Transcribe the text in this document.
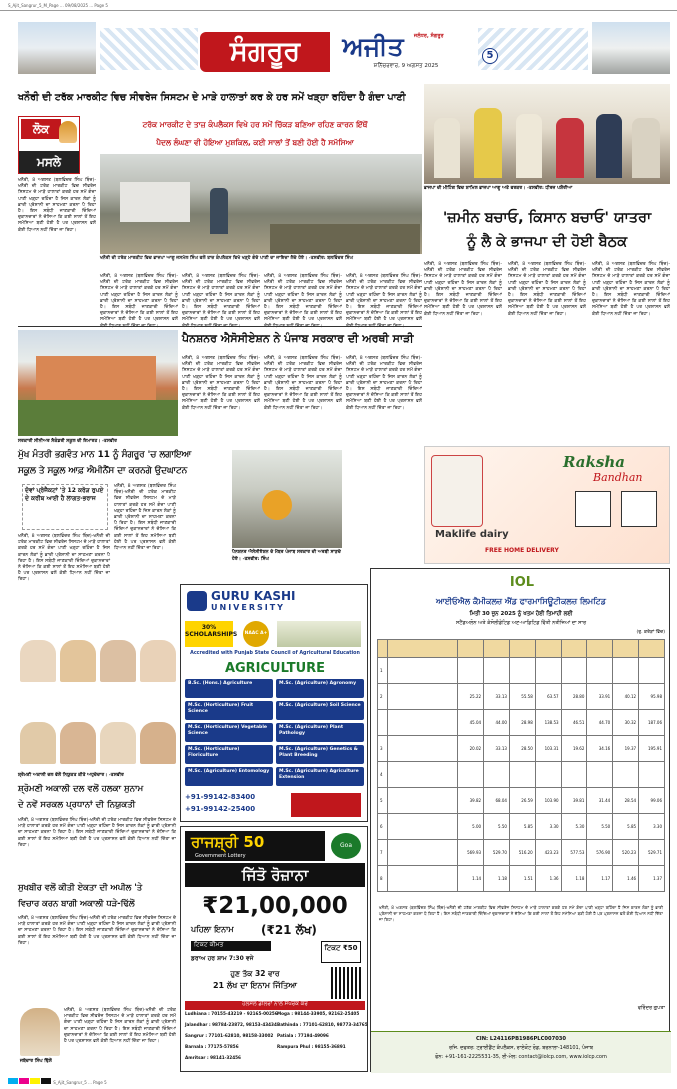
S_Ajit_Sangrur_5_M_Page ... 09/08/2025 ... Page 5
ਸੰਗਰੂਰ	ਅਜੀਤ	ਜਲੰਧਰ, ਸੰਗਰੂਰ
ਸ਼ਨਿੱਚਰਵਾਰ, 9 ਅਗਸਤ 2025
5
ਖਨੌਰੀ ਦੀ ਟਰੱਕ ਮਾਰਕੀਟ ਵਿਚ ਸੀਵਰੇਜ ਸਿਸਟਮ ਦੇ ਮਾੜੇ ਹਾਲਾਤਾਂ ਕਰ ਕੇ ਹਰ ਸਮੇਂ ਖੜ੍ਹਾ ਰਹਿੰਦਾ ਹੈ ਗੰਦਾ ਪਾਣੀ
ਲੋਕ
ਮਸਲੇ
ਟਰੱਕ ਮਾਰਕੀਟ ਦੇ ਤਾਜ਼ ਕੰਪਲੈਕਸ ਵਿਖੇ ਹਰ ਸਮੇਂ ਚਿੱਕੜ ਬਣਿਆ ਰਹਿਣ ਕਾਰਨ ਇੱਥੋਂ
ਪੈਦਲ ਲੰਘਣਾ ਵੀ ਹੋਇਆ ਮੁਸ਼ਕਿਲ, ਕਈ ਸਾਲਾਂ ਤੋਂ ਬਣੀ ਹੋਈ ਹੈ ਸਮੱਸਿਆ
ਖਨੌਰੀ, 8 ਅਗਸਤ (ਬਲਵਿੰਦਰ ਸਿੰਘ ਥਿੰਦ)-ਖਨੌਰੀ ਦੀ ਟਰੱਕ ਮਾਰਕੀਟ ਵਿਚ ਸੀਵਰੇਜ ਸਿਸਟਮ ਦੇ ਮਾੜੇ ਹਾਲਾਤਾਂ ਕਰਕੇ ਹਰ ਸਮੇਂ ਗੰਦਾ ਪਾਣੀ ਖੜ੍ਹਾ ਰਹਿੰਦਾ ਹੈ ਜਿਸ ਕਾਰਨ ਲੋਕਾਂ ਨੂੰ ਭਾਰੀ ਪ੍ਰੇਸ਼ਾਨੀ ਦਾ ਸਾਹਮਣਾ ਕਰਨਾ ਪੈ ਰਿਹਾ ਹੈ। ਇਸ ਸਬੰਧੀ ਜਾਣਕਾਰੀ ਦਿੰਦਿਆਂ ਦੁਕਾਨਦਾਰਾਂ ਨੇ ਦੱਸਿਆ ਕਿ ਕਈ ਸਾਲਾਂ ਤੋਂ ਇਹ ਸਮੱਸਿਆ ਬਣੀ ਹੋਈ ਹੈ ਪਰ ਪ੍ਰਸ਼ਾਸਨ ਵਲੋਂ ਕੋਈ ਧਿਆਨ ਨਹੀਂ ਦਿੱਤਾ ਜਾ ਰਿਹਾ।
ਖਨੌਰੀ ਦੀ ਟਰੱਕ ਮਾਰਕੀਟ ਵਿਚ ਭਾਜਪਾ ਆਗੂ ਜਸਮੇਲ ਸਿੰਘ ਵਲੋਂ ਤਾਜ਼ ਕੰਪਲੈਕਸ ਵਿਖੇ ਖੜ੍ਹੇ ਗੰਦੇ ਪਾਣੀ ਦਾ ਜਾਇਜ਼ਾ ਲੈਂਦੇ ਹੋਏ। -ਤਸਵੀਰ: ਬਲਵਿੰਦਰ ਸਿੰਘ
ਖਨੌਰੀ, 8 ਅਗਸਤ (ਬਲਵਿੰਦਰ ਸਿੰਘ ਥਿੰਦ)-ਖਨੌਰੀ ਦੀ ਟਰੱਕ ਮਾਰਕੀਟ ਵਿਚ ਸੀਵਰੇਜ ਸਿਸਟਮ ਦੇ ਮਾੜੇ ਹਾਲਾਤਾਂ ਕਰਕੇ ਹਰ ਸਮੇਂ ਗੰਦਾ ਪਾਣੀ ਖੜ੍ਹਾ ਰਹਿੰਦਾ ਹੈ ਜਿਸ ਕਾਰਨ ਲੋਕਾਂ ਨੂੰ ਭਾਰੀ ਪ੍ਰੇਸ਼ਾਨੀ ਦਾ ਸਾਹਮਣਾ ਕਰਨਾ ਪੈ ਰਿਹਾ ਹੈ। ਇਸ ਸਬੰਧੀ ਜਾਣਕਾਰੀ ਦਿੰਦਿਆਂ ਦੁਕਾਨਦਾਰਾਂ ਨੇ ਦੱਸਿਆ ਕਿ ਕਈ ਸਾਲਾਂ ਤੋਂ ਇਹ ਸਮੱਸਿਆ ਬਣੀ ਹੋਈ ਹੈ ਪਰ ਪ੍ਰਸ਼ਾਸਨ ਵਲੋਂ
ਖਨੌਰੀ, 8 ਅਗਸਤ (ਬਲਵਿੰਦਰ ਸਿੰਘ ਥਿੰਦ)-ਖਨੌਰੀ ਦੀ ਟਰੱਕ ਮਾਰਕੀਟ ਵਿਚ ਸੀਵਰੇਜ ਸਿਸਟਮ ਦੇ ਮਾੜੇ ਹਾਲਾਤਾਂ ਕਰਕੇ ਹਰ ਸਮੇਂ ਗੰਦਾ ਪਾਣੀ ਖੜ੍ਹਾ ਰਹਿੰਦਾ ਹੈ ਜਿਸ ਕਾਰਨ ਲੋਕਾਂ ਨੂੰ ਭਾਰੀ ਪ੍ਰੇਸ਼ਾਨੀ ਦਾ ਸਾਹਮਣਾ ਕਰਨਾ ਪੈ ਰਿਹਾ ਹੈ। ਇਸ ਸਬੰਧੀ ਜਾਣਕਾਰੀ ਦਿੰਦਿਆਂ ਦੁਕਾਨਦਾਰਾਂ ਨੇ ਦੱਸਿਆ ਕਿ ਕਈ ਸਾਲਾਂ ਤੋਂ ਇਹ ਸਮੱਸਿਆ ਬਣੀ ਹੋਈ ਹੈ ਪਰ ਪ੍ਰਸ਼ਾਸਨ ਵਲੋਂ
ਖਨੌਰੀ, 8 ਅਗਸਤ (ਬਲਵਿੰਦਰ ਸਿੰਘ ਥਿੰਦ)-ਖਨੌਰੀ ਦੀ ਟਰੱਕ ਮਾਰਕੀਟ ਵਿਚ ਸੀਵਰੇਜ ਸਿਸਟਮ ਦੇ ਮਾੜੇ ਹਾਲਾਤਾਂ ਕਰਕੇ ਹਰ ਸਮੇਂ ਗੰਦਾ ਪਾਣੀ ਖੜ੍ਹਾ ਰਹਿੰਦਾ ਹੈ ਜਿਸ ਕਾਰਨ ਲੋਕਾਂ ਨੂੰ ਭਾਰੀ ਪ੍ਰੇਸ਼ਾਨੀ ਦਾ ਸਾਹਮਣਾ ਕਰਨਾ ਪੈ ਰਿਹਾ ਹੈ। ਇਸ ਸਬੰਧੀ ਜਾਣਕਾਰੀ ਦਿੰਦਿਆਂ ਦੁਕਾਨਦਾਰਾਂ ਨੇ ਦੱਸਿਆ ਕਿ ਕਈ ਸਾਲਾਂ ਤੋਂ ਇਹ ਸਮੱਸਿਆ ਬਣੀ ਹੋਈ ਹੈ ਪਰ ਪ੍ਰਸ਼ਾਸਨ ਵਲੋਂ
ਖਨੌਰੀ, 8 ਅਗਸਤ (ਬਲਵਿੰਦਰ ਸਿੰਘ ਥਿੰਦ)-ਖਨੌਰੀ ਦੀ ਟਰੱਕ ਮਾਰਕੀਟ ਵਿਚ ਸੀਵਰੇਜ ਸਿਸਟਮ ਦੇ ਮਾੜੇ ਹਾਲਾਤਾਂ ਕਰਕੇ ਹਰ ਸਮੇਂ ਗੰਦਾ ਪਾਣੀ ਖੜ੍ਹਾ ਰਹਿੰਦਾ ਹੈ ਜਿਸ ਕਾਰਨ ਲੋਕਾਂ ਨੂੰ ਭਾਰੀ ਪ੍ਰੇਸ਼ਾਨੀ ਦਾ ਸਾਹਮਣਾ ਕਰਨਾ ਪੈ ਰਿਹਾ ਹੈ। ਇਸ ਸਬੰਧੀ ਜਾਣਕਾਰੀ ਦਿੰਦਿਆਂ ਦੁਕਾਨਦਾਰਾਂ ਨੇ ਦੱਸਿਆ ਕਿ ਕਈ ਸਾਲਾਂ ਤੋਂ ਇਹ ਸਮੱਸਿਆ ਬਣੀ ਹੋਈ ਹੈ ਪਰ ਪ੍ਰਸ਼ਾਸਨ ਵਲੋਂ
ਭਾਜਪਾ ਦੀ ਮੀਟਿੰਗ ਵਿਚ ਸ਼ਾਮਿਲ ਭਾਜਪਾ ਆਗੂ ਅਤੇ ਵਰਕਰ। -ਤਸਵੀਰ: ਧੀਰਜ ਪਸ਼ੌਰੀਆ
'ਜ਼ਮੀਨ ਬਚਾਓ, ਕਿਸਾਨ ਬਚਾਓ' ਯਾਤਰਾ
ਨੂੰ ਲੈ ਕੇ ਭਾਜਪਾ ਦੀ ਹੋਈ ਬੈਠਕ
ਖਨੌਰੀ, 8 ਅਗਸਤ (ਬਲਵਿੰਦਰ ਸਿੰਘ ਥਿੰਦ)-ਖਨੌਰੀ ਦੀ ਟਰੱਕ ਮਾਰਕੀਟ ਵਿਚ ਸੀਵਰੇਜ ਸਿਸਟਮ ਦੇ ਮਾੜੇ ਹਾਲਾਤਾਂ ਕਰਕੇ ਹਰ ਸਮੇਂ ਗੰਦਾ ਪਾਣੀ ਖੜ੍ਹਾ ਰਹਿੰਦਾ ਹੈ ਜਿਸ ਕਾਰਨ ਲੋਕਾਂ ਨੂੰ ਭਾਰੀ ਪ੍ਰੇਸ਼ਾਨੀ ਦਾ ਸਾਹਮਣਾ ਕਰਨਾ ਪੈ ਰਿਹਾ ਹੈ। ਇਸ ਸਬੰਧੀ ਜਾਣਕਾਰੀ ਦਿੰਦਿਆਂ ਦੁਕਾਨਦਾਰਾਂ ਨੇ ਦੱਸਿਆ ਕਿ ਕਈ ਸਾਲਾਂ ਤੋਂ ਇਹ ਸਮੱਸਿਆ ਬਣੀ ਹੋਈ ਹੈ ਪਰ ਪ੍ਰਸ਼ਾਸਨ ਵਲੋਂ ਕੋਈ ਧਿਆਨ ਨਹੀਂ ਦਿੱਤਾ ਜਾ ਰਿਹਾ।
ਖਨੌਰੀ, 8 ਅਗਸਤ (ਬਲਵਿੰਦਰ ਸਿੰਘ ਥਿੰਦ)-ਖਨੌਰੀ ਦੀ ਟਰੱਕ ਮਾਰਕੀਟ ਵਿਚ ਸੀਵਰੇਜ ਸਿਸਟਮ ਦੇ ਮਾੜੇ ਹਾਲਾਤਾਂ ਕਰਕੇ ਹਰ ਸਮੇਂ ਗੰਦਾ ਪਾਣੀ ਖੜ੍ਹਾ ਰਹਿੰਦਾ ਹੈ ਜਿਸ ਕਾਰਨ ਲੋਕਾਂ ਨੂੰ ਭਾਰੀ ਪ੍ਰੇਸ਼ਾਨੀ ਦਾ ਸਾਹਮਣਾ ਕਰਨਾ ਪੈ ਰਿਹਾ ਹੈ। ਇਸ ਸਬੰਧੀ ਜਾਣਕਾਰੀ ਦਿੰਦਿਆਂ ਦੁਕਾਨਦਾਰਾਂ ਨੇ ਦੱਸਿਆ ਕਿ ਕਈ ਸਾਲਾਂ ਤੋਂ ਇਹ ਸਮੱਸਿਆ ਬਣੀ ਹੋਈ ਹੈ ਪਰ ਪ੍ਰਸ਼ਾਸਨ ਵਲੋਂ ਕੋਈ ਧਿਆਨ ਨਹੀਂ ਦਿੱਤਾ ਜਾ ਰਿਹਾ।
ਖਨੌਰੀ, 8 ਅਗਸਤ (ਬਲਵਿੰਦਰ ਸਿੰਘ ਥਿੰਦ)-ਖਨੌਰੀ ਦੀ ਟਰੱਕ ਮਾਰਕੀਟ ਵਿਚ ਸੀਵਰੇਜ ਸਿਸਟਮ ਦੇ ਮਾੜੇ ਹਾਲਾਤਾਂ ਕਰਕੇ ਹਰ ਸਮੇਂ ਗੰਦਾ ਪਾਣੀ ਖੜ੍ਹਾ ਰਹਿੰਦਾ ਹੈ ਜਿਸ ਕਾਰਨ ਲੋਕਾਂ ਨੂੰ ਭਾਰੀ ਪ੍ਰੇਸ਼ਾਨੀ ਦਾ ਸਾਹਮਣਾ ਕਰਨਾ ਪੈ ਰਿਹਾ ਹੈ। ਇਸ ਸਬੰਧੀ ਜਾਣਕਾਰੀ ਦਿੰਦਿਆਂ ਦੁਕਾਨਦਾਰਾਂ ਨੇ ਦੱਸਿਆ ਕਿ ਕਈ ਸਾਲਾਂ ਤੋਂ ਇਹ ਸਮੱਸਿਆ ਬਣੀ ਹੋਈ ਹੈ ਪਰ ਪ੍ਰਸ਼ਾਸਨ ਵਲੋਂ ਕੋਈ ਧਿਆਨ ਨਹੀਂ ਦਿੱਤਾ ਜਾ ਰਿਹਾ।
ਸਰਕਾਰੀ ਸੀਨੀਅਰ ਸੈਕੰਡਰੀ ਸਕੂਲ ਦੀ ਇਮਾਰਤ। -ਤਸਵੀਰ
ਮੁੱਖ ਮੰਤਰੀ ਭਗਵੰਤ ਮਾਨ 11 ਨੂੰ ਸੰਗਰੂਰ 'ਚ ਲਗਾਇਆ
ਸਕੂਲ ਤੇ ਸਕੂਲ ਆਫ਼ ਐਮੀਨੈਂਸ ਦਾ ਕਰਨਗੇ ਉਦਘਾਟਨ
ਦੋਵਾਂ ਪ੍ਰੋਜੈਕਟਾਂ 'ਤੇ 12 ਕਰੋੜ ਰੁਪਏ ਦੇ ਕਰੀਬ ਆਈ ਹੈ ਲਾਗਤ-ਭਰਾਜ
ਖਨੌਰੀ, 8 ਅਗਸਤ (ਬਲਵਿੰਦਰ ਸਿੰਘ ਥਿੰਦ)-ਖਨੌਰੀ ਦੀ ਟਰੱਕ ਮਾਰਕੀਟ ਵਿਚ ਸੀਵਰੇਜ ਸਿਸਟਮ ਦੇ ਮਾੜੇ ਹਾਲਾਤਾਂ ਕਰਕੇ ਹਰ ਸਮੇਂ ਗੰਦਾ ਪਾਣੀ ਖੜ੍ਹਾ ਰਹਿੰਦਾ ਹੈ ਜਿਸ ਕਾਰਨ ਲੋਕਾਂ ਨੂੰ ਭਾਰੀ ਪ੍ਰੇਸ਼ਾਨੀ ਦਾ ਸਾਹਮਣਾ ਕਰਨਾ ਪੈ ਰਿਹਾ ਹੈ। ਇਸ ਸਬੰਧੀ ਜਾਣਕਾਰੀ ਦਿੰਦਿਆਂ ਦੁਕਾਨਦਾਰਾਂ ਨੇ ਦੱਸਿਆ ਕਿ ਕਈ ਸਾਲਾਂ ਤੋਂ ਇਹ ਸਮੱਸਿਆ ਬਣੀ ਹੋਈ ਹੈ ਪਰ ਪ੍ਰਸ਼ਾਸਨ ਵਲੋਂ ਕੋਈ ਧਿਆਨ ਨਹੀਂ ਦਿੱਤਾ ਜਾ ਰਿਹਾ।
ਖਨੌਰੀ, 8 ਅਗਸਤ (ਬਲਵਿੰਦਰ ਸਿੰਘ ਥਿੰਦ)-ਖਨੌਰੀ ਦੀ ਟਰੱਕ ਮਾਰਕੀਟ ਵਿਚ ਸੀਵਰੇਜ ਸਿਸਟਮ ਦੇ ਮਾੜੇ ਹਾਲਾਤਾਂ ਕਰਕੇ ਹਰ ਸਮੇਂ ਗੰਦਾ ਪਾਣੀ ਖੜ੍ਹਾ ਰਹਿੰਦਾ ਹੈ ਜਿਸ ਕਾਰਨ ਲੋਕਾਂ ਨੂੰ ਭਾਰੀ ਪ੍ਰੇਸ਼ਾਨੀ ਦਾ ਸਾਹਮਣਾ ਕਰਨਾ ਪੈ ਰਿਹਾ ਹੈ। ਇਸ ਸਬੰਧੀ ਜਾਣਕਾਰੀ ਦਿੰਦਿਆਂ ਦੁਕਾਨਦਾਰਾਂ ਨੇ ਦੱਸਿਆ ਕਿ ਕਈ ਸਾਲਾਂ ਤੋਂ ਇਹ ਸਮੱਸਿਆ ਬਣੀ ਹੋਈ ਹੈ ਪਰ ਪ੍ਰਸ਼ਾਸਨ ਵਲੋਂ ਕੋਈ ਧਿਆਨ ਨਹੀਂ ਦਿੱਤਾ ਜਾ ਰਿਹਾ।
ਪੈਨਸ਼ਨਰ ਐਸੋਸੀਏਸ਼ਨ ਨੇ ਪੰਜਾਬ ਸਰਕਾਰ ਦੀ ਅਰਥੀ ਸਾੜੀ
ਖਨੌਰੀ, 8 ਅਗਸਤ (ਬਲਵਿੰਦਰ ਸਿੰਘ ਥਿੰਦ)-ਖਨੌਰੀ ਦੀ ਟਰੱਕ ਮਾਰਕੀਟ ਵਿਚ ਸੀਵਰੇਜ ਸਿਸਟਮ ਦੇ ਮਾੜੇ ਹਾਲਾਤਾਂ ਕਰਕੇ ਹਰ ਸਮੇਂ ਗੰਦਾ ਪਾਣੀ ਖੜ੍ਹਾ ਰਹਿੰਦਾ ਹੈ ਜਿਸ ਕਾਰਨ ਲੋਕਾਂ ਨੂੰ ਭਾਰੀ ਪ੍ਰੇਸ਼ਾਨੀ ਦਾ ਸਾਹਮਣਾ ਕਰਨਾ ਪੈ ਰਿਹਾ ਹੈ। ਇਸ ਸਬੰਧੀ ਜਾਣਕਾਰੀ ਦਿੰਦਿਆਂ ਦੁਕਾਨਦਾਰਾਂ ਨੇ ਦੱਸਿਆ ਕਿ ਕਈ ਸਾਲਾਂ ਤੋਂ ਇਹ ਸਮੱਸਿਆ ਬਣੀ ਹੋਈ ਹੈ ਪਰ ਪ੍ਰਸ਼ਾਸਨ ਵਲੋਂ ਕੋਈ ਧਿਆਨ ਨਹੀਂ ਦਿੱਤਾ ਜਾ ਰਿਹਾ।
ਖਨੌਰੀ, 8 ਅਗਸਤ (ਬਲਵਿੰਦਰ ਸਿੰਘ ਥਿੰਦ)-ਖਨੌਰੀ ਦੀ ਟਰੱਕ ਮਾਰਕੀਟ ਵਿਚ ਸੀਵਰੇਜ ਸਿਸਟਮ ਦੇ ਮਾੜੇ ਹਾਲਾਤਾਂ ਕਰਕੇ ਹਰ ਸਮੇਂ ਗੰਦਾ ਪਾਣੀ ਖੜ੍ਹਾ ਰਹਿੰਦਾ ਹੈ ਜਿਸ ਕਾਰਨ ਲੋਕਾਂ ਨੂੰ ਭਾਰੀ ਪ੍ਰੇਸ਼ਾਨੀ ਦਾ ਸਾਹਮਣਾ ਕਰਨਾ ਪੈ ਰਿਹਾ ਹੈ। ਇਸ ਸਬੰਧੀ ਜਾਣਕਾਰੀ ਦਿੰਦਿਆਂ ਦੁਕਾਨਦਾਰਾਂ ਨੇ ਦੱਸਿਆ ਕਿ ਕਈ ਸਾਲਾਂ ਤੋਂ ਇਹ ਸਮੱਸਿਆ ਬਣੀ ਹੋਈ ਹੈ ਪਰ ਪ੍ਰਸ਼ਾਸਨ ਵਲੋਂ ਕੋਈ ਧਿਆਨ ਨਹੀਂ ਦਿੱਤਾ ਜਾ ਰਿਹਾ।
ਖਨੌਰੀ, 8 ਅਗਸਤ (ਬਲਵਿੰਦਰ ਸਿੰਘ ਥਿੰਦ)-ਖਨੌਰੀ ਦੀ ਟਰੱਕ ਮਾਰਕੀਟ ਵਿਚ ਸੀਵਰੇਜ ਸਿਸਟਮ ਦੇ ਮਾੜੇ ਹਾਲਾਤਾਂ ਕਰਕੇ ਹਰ ਸਮੇਂ ਗੰਦਾ ਪਾਣੀ ਖੜ੍ਹਾ ਰਹਿੰਦਾ ਹੈ ਜਿਸ ਕਾਰਨ ਲੋਕਾਂ ਨੂੰ ਭਾਰੀ ਪ੍ਰੇਸ਼ਾਨੀ ਦਾ ਸਾਹਮਣਾ ਕਰਨਾ ਪੈ ਰਿਹਾ ਹੈ। ਇਸ ਸਬੰਧੀ ਜਾਣਕਾਰੀ ਦਿੰਦਿਆਂ ਦੁਕਾਨਦਾਰਾਂ ਨੇ ਦੱਸਿਆ ਕਿ ਕਈ ਸਾਲਾਂ ਤੋਂ ਇਹ ਸਮੱਸਿਆ ਬਣੀ ਹੋਈ ਹੈ ਪਰ ਪ੍ਰਸ਼ਾਸਨ ਵਲੋਂ ਕੋਈ ਧਿਆਨ ਨਹੀਂ ਦਿੱਤਾ ਜਾ ਰਿਹਾ।
ਪੈਨਸ਼ਨਰ ਐਸੋਸੀਏਸ਼ਨ ਦੇ ਮੈਂਬਰ ਪੰਜਾਬ ਸਰਕਾਰ ਦੀ ਅਰਥੀ ਸਾੜਦੇ ਹੋਏ। -ਤਸਵੀਰ: ਸਿੰਘ
Maklife dairy
Raksha
Bandhan
FREE HOME DELIVERY
ਸ਼੍ਰੋਮਣੀ ਅਕਾਲੀ ਦਲ ਵੱਲੋਂ ਨਿਯੁਕਤ ਕੀਤੇ ਅਹੁਦੇਦਾਰ। -ਤਸਵੀਰ
ਸ਼੍ਰੋਮਣੀ ਅਕਾਲੀ ਦਲ ਵਲੋਂ ਹਲਕਾ ਸੁਨਾਮ
ਦੇ ਨਵੇਂ ਸਰਕਲ ਪ੍ਰਧਾਨਾਂ ਦੀ ਨਿਯੁਕਤੀ
ਖਨੌਰੀ, 8 ਅਗਸਤ (ਬਲਵਿੰਦਰ ਸਿੰਘ ਥਿੰਦ)-ਖਨੌਰੀ ਦੀ ਟਰੱਕ ਮਾਰਕੀਟ ਵਿਚ ਸੀਵਰੇਜ ਸਿਸਟਮ ਦੇ ਮਾੜੇ ਹਾਲਾਤਾਂ ਕਰਕੇ ਹਰ ਸਮੇਂ ਗੰਦਾ ਪਾਣੀ ਖੜ੍ਹਾ ਰਹਿੰਦਾ ਹੈ ਜਿਸ ਕਾਰਨ ਲੋਕਾਂ ਨੂੰ ਭਾਰੀ ਪ੍ਰੇਸ਼ਾਨੀ ਦਾ ਸਾਹਮਣਾ ਕਰਨਾ ਪੈ ਰਿਹਾ ਹੈ। ਇਸ ਸਬੰਧੀ ਜਾਣਕਾਰੀ ਦਿੰਦਿਆਂ ਦੁਕਾਨਦਾਰਾਂ ਨੇ ਦੱਸਿਆ ਕਿ ਕਈ ਸਾਲਾਂ ਤੋਂ ਇਹ ਸਮੱਸਿਆ ਬਣੀ ਹੋਈ ਹੈ ਪਰ ਪ੍ਰਸ਼ਾਸਨ ਵਲੋਂ ਕੋਈ ਧਿਆਨ ਨਹੀਂ ਦਿੱਤਾ ਜਾ ਰਿਹਾ।
ਸੁਖਬੀਰ ਵਲੋਂ ਕੀਤੀ ਏਕਤਾ ਦੀ ਅਪੀਲ 'ਤੇ
ਵਿਚਾਰ ਕਰਨ ਬਾਗੀ ਅਕਾਲੀ ਧੜੇ-ਢਿੱਲੋਂ
ਖਨੌਰੀ, 8 ਅਗਸਤ (ਬਲਵਿੰਦਰ ਸਿੰਘ ਥਿੰਦ)-ਖਨੌਰੀ ਦੀ ਟਰੱਕ ਮਾਰਕੀਟ ਵਿਚ ਸੀਵਰੇਜ ਸਿਸਟਮ ਦੇ ਮਾੜੇ ਹਾਲਾਤਾਂ ਕਰਕੇ ਹਰ ਸਮੇਂ ਗੰਦਾ ਪਾਣੀ ਖੜ੍ਹਾ ਰਹਿੰਦਾ ਹੈ ਜਿਸ ਕਾਰਨ ਲੋਕਾਂ ਨੂੰ ਭਾਰੀ ਪ੍ਰੇਸ਼ਾਨੀ ਦਾ ਸਾਹਮਣਾ ਕਰਨਾ ਪੈ ਰਿਹਾ ਹੈ। ਇਸ ਸਬੰਧੀ ਜਾਣਕਾਰੀ ਦਿੰਦਿਆਂ ਦੁਕਾਨਦਾਰਾਂ ਨੇ ਦੱਸਿਆ ਕਿ ਕਈ ਸਾਲਾਂ ਤੋਂ ਇਹ ਸਮੱਸਿਆ ਬਣੀ ਹੋਈ ਹੈ ਪਰ ਪ੍ਰਸ਼ਾਸਨ ਵਲੋਂ ਕੋਈ ਧਿਆਨ ਨਹੀਂ ਦਿੱਤਾ ਜਾ ਰਿਹਾ।
ਜਥੇਦਾਰ ਸਿੰਘ ਢਿੱਲੋਂ
ਖਨੌਰੀ, 8 ਅਗਸਤ (ਬਲਵਿੰਦਰ ਸਿੰਘ ਥਿੰਦ)-ਖਨੌਰੀ ਦੀ ਟਰੱਕ ਮਾਰਕੀਟ ਵਿਚ ਸੀਵਰੇਜ ਸਿਸਟਮ ਦੇ ਮਾੜੇ ਹਾਲਾਤਾਂ ਕਰਕੇ ਹਰ ਸਮੇਂ ਗੰਦਾ ਪਾਣੀ ਖੜ੍ਹਾ ਰਹਿੰਦਾ ਹੈ ਜਿਸ ਕਾਰਨ ਲੋਕਾਂ ਨੂੰ ਭਾਰੀ ਪ੍ਰੇਸ਼ਾਨੀ ਦਾ ਸਾਹਮਣਾ ਕਰਨਾ ਪੈ ਰਿਹਾ ਹੈ। ਇਸ ਸਬੰਧੀ ਜਾਣਕਾਰੀ ਦਿੰਦਿਆਂ ਦੁਕਾਨਦਾਰਾਂ ਨੇ ਦੱਸਿਆ ਕਿ ਕਈ ਸਾਲਾਂ ਤੋਂ ਇਹ ਸਮੱਸਿਆ ਬਣੀ ਹੋਈ ਹੈ ਪਰ ਪ੍ਰਸ਼ਾਸਨ ਵਲੋਂ ਕੋਈ ਧਿਆਨ ਨਹੀਂ ਦਿੱਤਾ ਜਾ ਰਿਹਾ।
GURU KASHI
UNIVERSITY
30% SCHOLARSHIPS	NAAC A+
Accredited with Punjab State Council of Agricultural Education
AGRICULTURE
B.Sc. (Hons.) Agriculture	M.Sc. (Agriculture) Agronomy
M.Sc. (Horticulture) Fruit Science
M.Sc. (Agriculture) Soil Science
M.Sc. (Horticulture) Vegetable Science
M.Sc. (Agriculture) Plant Pathology
M.Sc. (Horticulture) Floriculture
M.Sc. (Agriculture) Genetics & Plant Breeding
M.Sc. (Agriculture) Entomology	M.Sc. (Agriculture) Agriculture Extension
+91-99142-83400
+91-99142-25400
ਰਾਜਸ਼੍ਰੀ 50
Government Lottery
Goa
ਜਿੱਤੋ ਰੋਜ਼ਾਨਾ
₹21,00,000
ਪਹਿਲਾ ਇਨਾਮ	(₹21 ਲੱਖ)
ਟਿਕਟ ਕੀਮਤ	ਟਿਕਟ ₹50
ਡਰਾਅ ਹਰ ਸ਼ਾਮ 7:30 ਵਜੇ
ਹੁਣ ਤੱਕ 32 ਵਾਰ
21 ਲੱਖ ਦਾ ਇਨਾਮ ਜਿੱਤਿਆ
ਹੋਲਸੇਲ ਡੀਲਰਾਂ ਨਾਲ ਸੰਪਰਕ ਕਰੋ
Ludhiana : 70155-43219 - 92165-00256 Moga : 98144-33905, 92162-25405
Jalandhar : 98784-23872, 98153-43434 Bathinda : 77101-62810, 98773-34765
Sangrur : 77101-62810, 98158-33002 Patiala : 77194-49096
Barnala : 77175-57856	Rampura Phul : 98155-36891
Amritsar : 98141-32456
IOL
ਆਈਓਐਲ ਕੈਮੀਕਲਜ਼ ਐਂਡ ਫਾਰਮਾਸਿਊਟੀਕਲਜ਼ ਲਿਮਟਿਡ
ਮਿਤੀ 30 ਜੂਨ 2025 ਨੂੰ ਖਤਮ ਹੋਈ ਤਿਮਾਹੀ ਲਈ
ਸਟੈਂਡਅਲੋਨ ਅਤੇ ਕੰਸੋਲੀਡੇਟਿਡ ਅਣ-ਆਡਿਟਿਡ ਵਿੱਤੀ ਨਤੀਜਿਆਂ ਦਾ ਸਾਰ
(ਰੁ. ਕਰੋੜਾਂ ਵਿੱਚ)

1									
2		25.22	33.13	55.58	63.57	28.80	33.91	40.12	95.98
		45.04	44.00	28.98	138.53	46.51	44.70	30.32	187.06
3		20.02	33.13	28.50	103.31	19.62	34.16	19.37	195.91
4									
5		39.82	68.04	26.59	103.90	39.81	31.44	28.54	99.06
6		5.00	5.50	5.85	3.30	5.30	5.50	5.85	3.30
7		569.93	529.70	516.20	423.23	577.53	576.90	520.23	529.71
8		1.14	1.18	1.51	1.36	1.18	1.17	1.46	1.37
ਖਨੌਰੀ, 8 ਅਗਸਤ (ਬਲਵਿੰਦਰ ਸਿੰਘ ਥਿੰਦ)-ਖਨੌਰੀ ਦੀ ਟਰੱਕ ਮਾਰਕੀਟ ਵਿਚ ਸੀਵਰੇਜ ਸਿਸਟਮ ਦੇ ਮਾੜੇ ਹਾਲਾਤਾਂ ਕਰਕੇ ਹਰ ਸਮੇਂ ਗੰਦਾ ਪਾਣੀ ਖੜ੍ਹਾ ਰਹਿੰਦਾ ਹੈ ਜਿਸ ਕਾਰਨ ਲੋਕਾਂ ਨੂੰ ਭਾਰੀ ਪ੍ਰੇਸ਼ਾਨੀ ਦਾ ਸਾਹਮਣਾ ਕਰਨਾ ਪੈ ਰਿਹਾ ਹੈ। ਇਸ ਸਬੰਧੀ ਜਾਣਕਾਰੀ ਦਿੰਦਿਆਂ ਦੁਕਾਨਦਾਰਾਂ ਨੇ ਦੱਸਿਆ ਕਿ ਕਈ ਸਾਲਾਂ ਤੋਂ ਇਹ ਸਮੱਸਿਆ ਬਣੀ ਹੋਈ ਹੈ ਪਰ ਪ੍ਰਸ਼ਾਸਨ ਵਲੋਂ ਕੋਈ ਧਿਆਨ ਨਹੀਂ ਦਿੱਤਾ ਜਾ ਰਿਹਾ।
ਵਰਿੰਦਰ ਗੁਪਤਾ
CIN: L24116PB1986PLC007030
ਰਜਿ. ਦਫਤਰ: ਟ੍ਰਾਈਡੈਂਟ ਕੰਪਲੈਕਸ, ਰਾਏਕੋਟ ਰੋਡ, ਬਰਨਾਲਾ-148101, ਪੰਜਾਬ
ਫੋਨ: +91-161-2225531-35, ਈ-ਮੇਲ: contact@iolcp.com, www.iolcp.com
S_Ajit_Sangrur_5 ... Page 5
